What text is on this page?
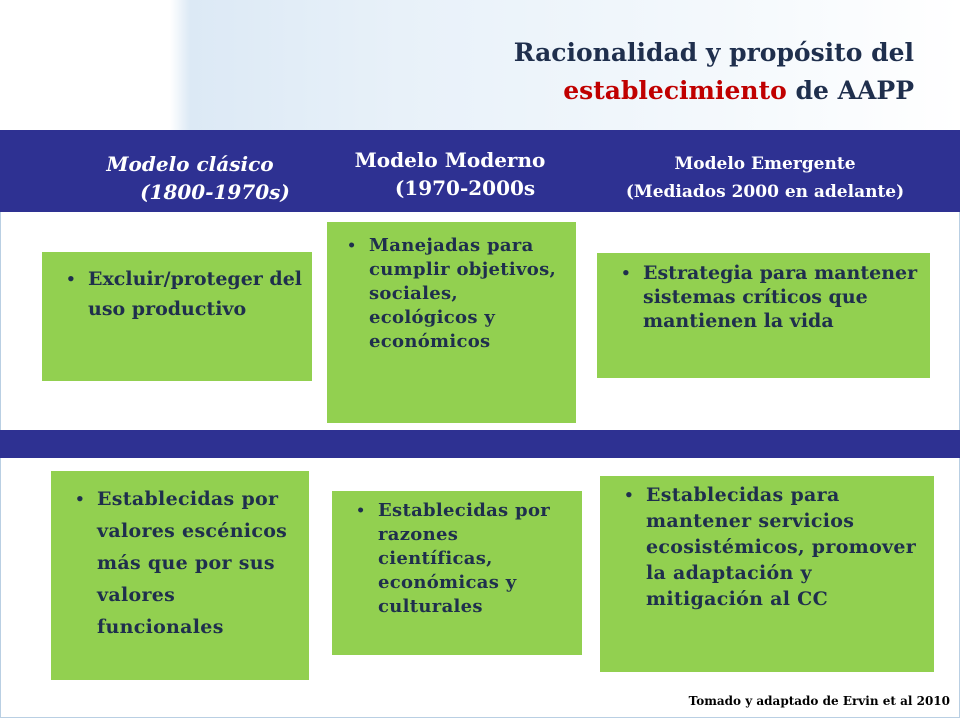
Racionalidad y propósito del
establecimiento de AAPP
Modelo clásico
(1800-1970s)
Modelo Moderno
(1970-2000s
Modelo Emergente
(Mediados 2000 en adelante)
• Excluir/proteger del uso productivo
• Manejadas para cumplir objetivos, sociales, ecológicos y económicos
• Estrategia para mantener sistemas críticos que mantienen la vida
• Establecidas por valores escénicos más que por sus valores funcionales
• Establecidas por razones científicas, económicas y culturales
• Establecidas para mantener servicios ecosistémicos, promover la adaptación y mitigación al CC
Tomado y adaptado de Ervin et al 2010
